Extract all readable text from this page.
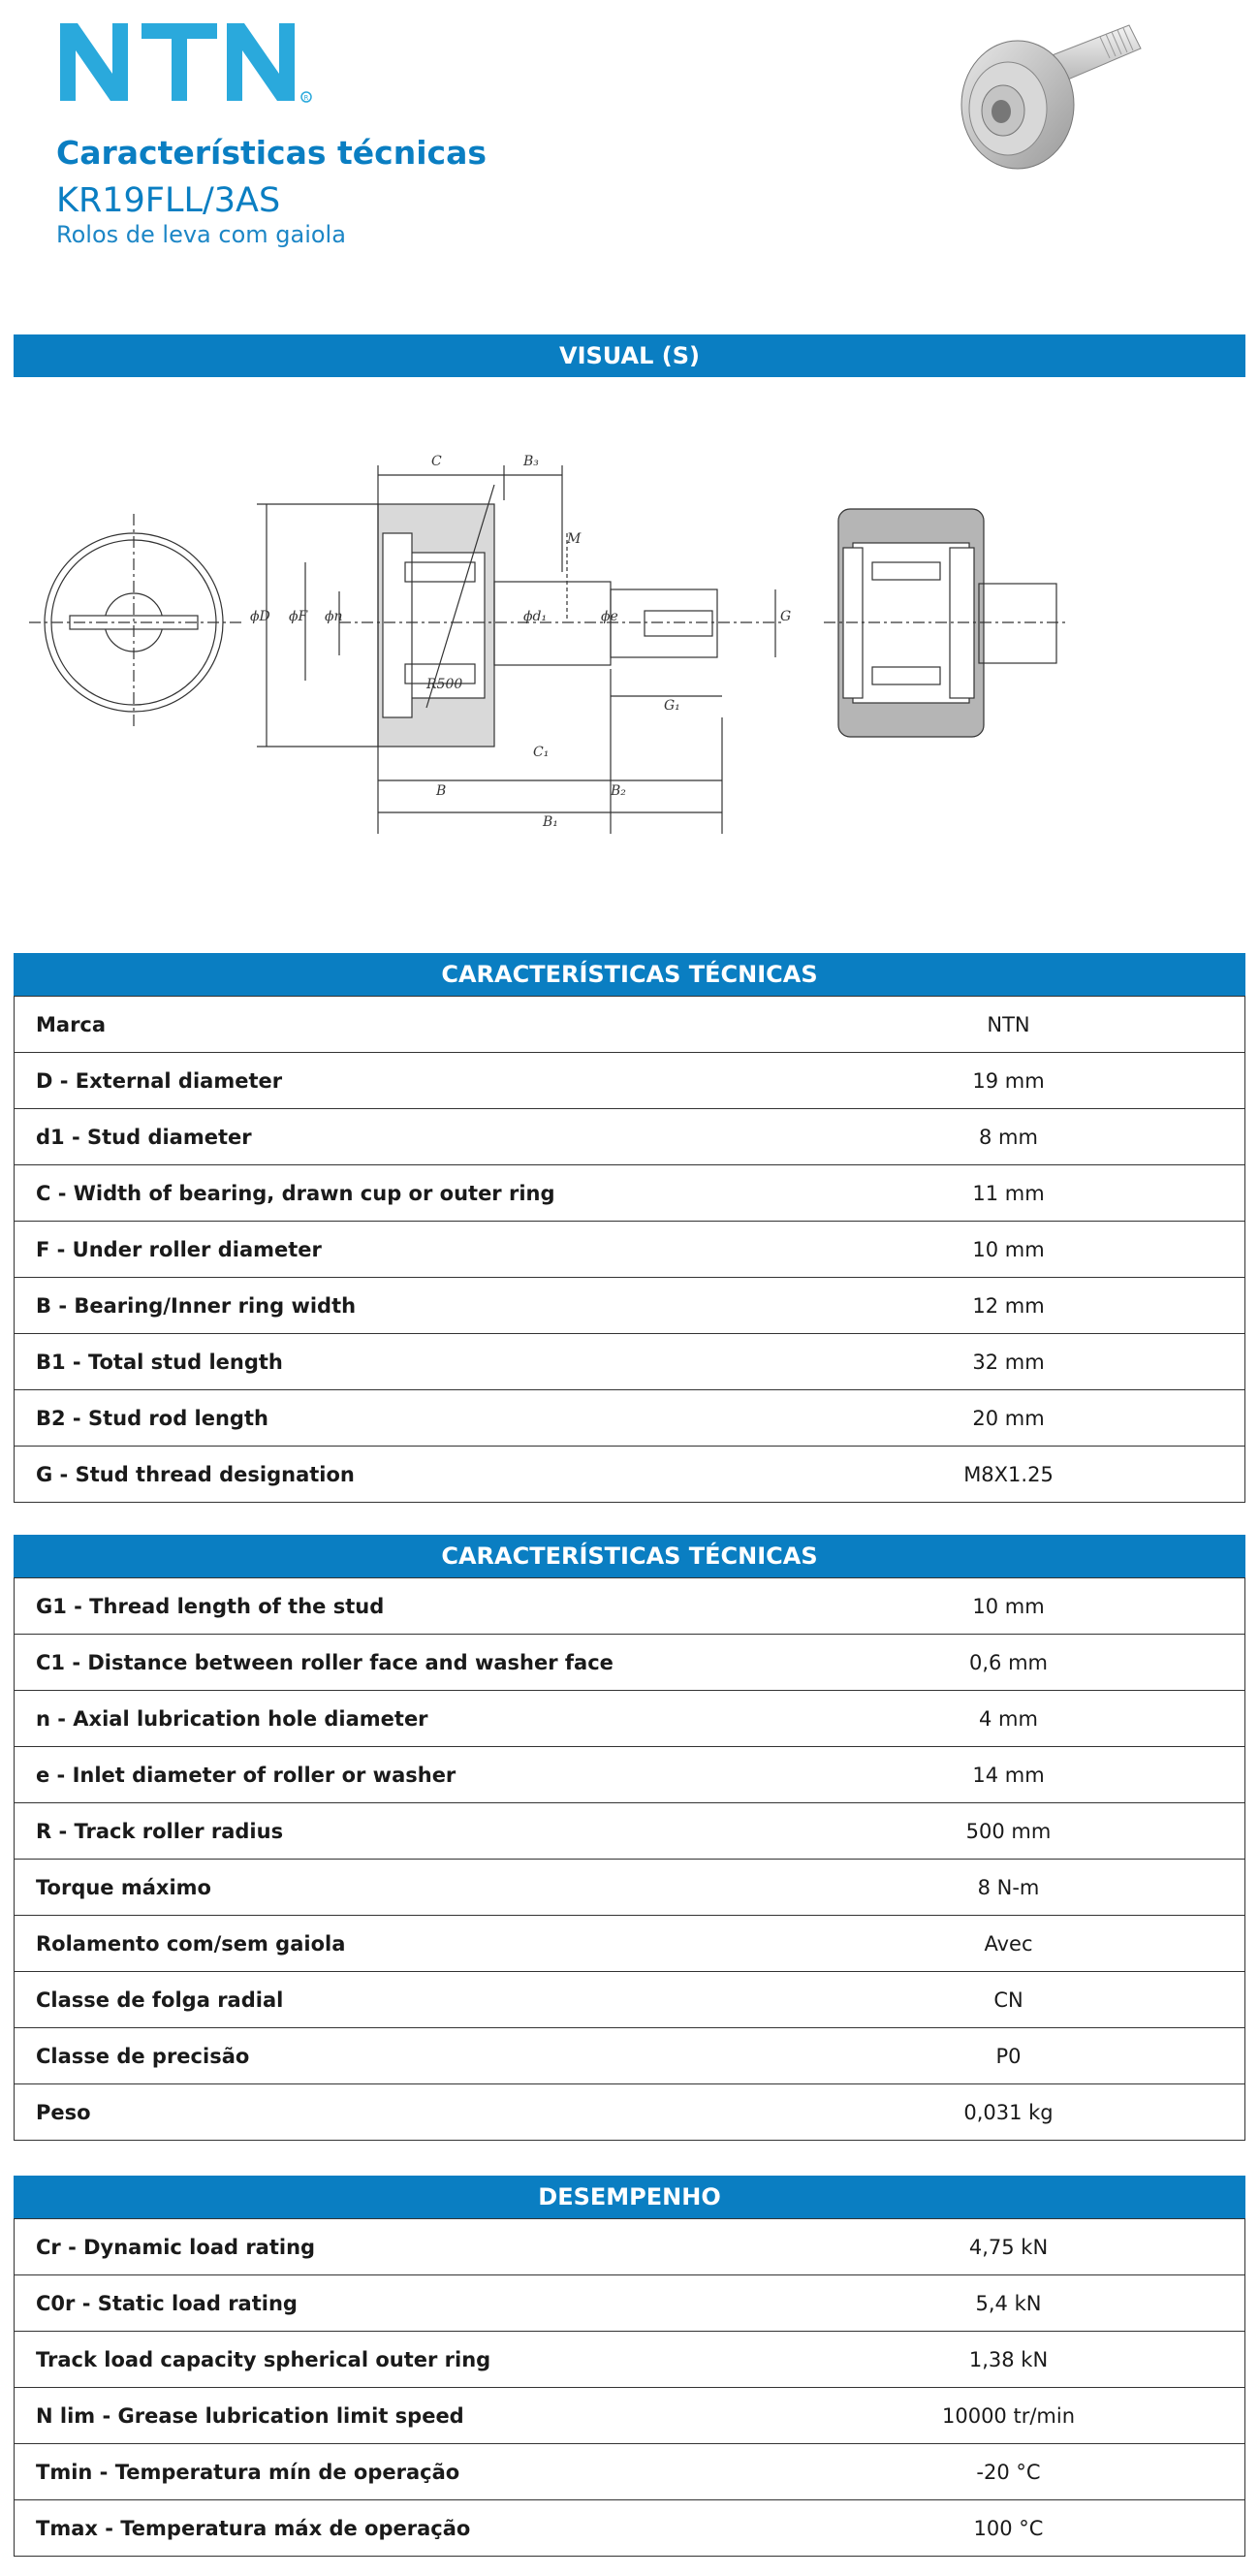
R
Características técnicas
KR19FLL/3AS
Rolos de leva com gaiola
VISUAL (S)
C	B₃
M
ϕD ϕF ϕn	ϕd₁	ϕe	G
G₁
R500
C₁
B	B₂
B₁
CARACTERÍSTICAS TÉCNICAS
Marca	NTN
D - External diameter	19 mm
d1 - Stud diameter	8 mm
C - Width of bearing, drawn cup or outer ring	11 mm
F - Under roller diameter	10 mm
B - Bearing/Inner ring width	12 mm
B1 - Total stud length	32 mm
B2 - Stud rod length	20 mm
G - Stud thread designation	M8X1.25
CARACTERÍSTICAS TÉCNICAS
G1 - Thread length of the stud	10 mm
C1 - Distance between roller face and washer face	0,6 mm
n - Axial lubrication hole diameter	4 mm
e - Inlet diameter of roller or washer	14 mm
R - Track roller radius	500 mm
Torque máximo	8 N-m
Rolamento com/sem gaiola	Avec
Classe de folga radial	CN
Classe de precisão	P0
Peso	0,031 kg
DESEMPENHO
Cr - Dynamic load rating	4,75 kN
C0r - Static load rating	5,4 kN
Track load capacity spherical outer ring	1,38 kN
N lim - Grease lubrication limit speed	10000 tr/min
Tmin - Temperatura mín de operação	-20 °C
Tmax - Temperatura máx de operação	100 °C
